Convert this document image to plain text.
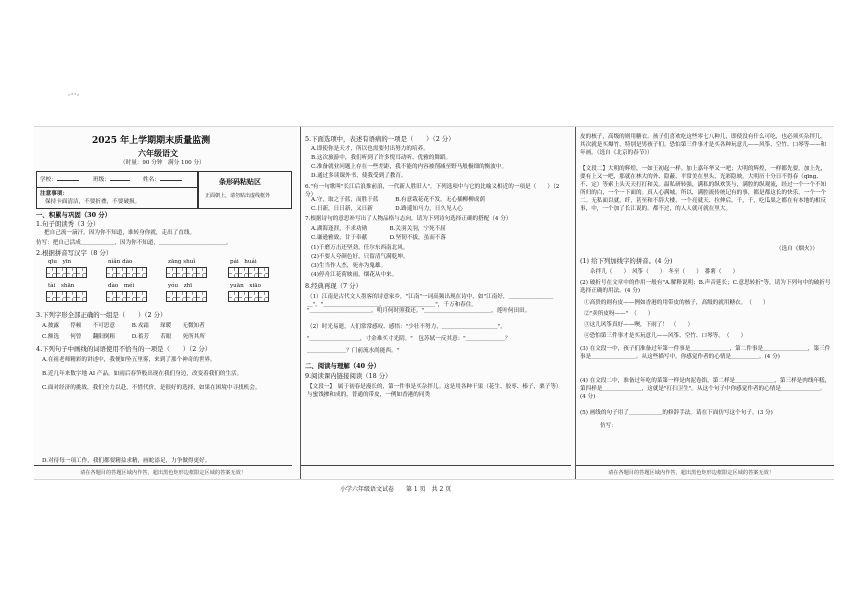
"˚˚"
2025 年上学期期末质量监测
六年级语文
（时量：90 分钟　满分 100 分）
学校：	班级：	姓名：
注意事项：
保持卡面清洁，不要折叠，不要破损。
条形码粘贴区
正面朝上，请勿贴出虚线框外
一、积累与巩固（30 分）
1.句子朗读秀（3 分）
把自己流一滴汗，因为你不知道，谁转身你就，走出了直线。
仿写：把自己活成＿＿＿＿＿＿，因为你不知道，＿＿＿＿＿＿＿＿＿＿＿＿。
2.根据拼音写汉字（8 分）
qīu　yīn	nìǎn dào	zāng shuǐ	pái　huái
tài　shān	dào　méi	yóu　zhī	yuān　xiāo
3.下列字形全部正确的一组是（　　）（2 分）
A.披露　　俘顿　　不可思意　　　B.戎霜　　琛暖　　无微知者
C.额选　　何曾　　翻阳倒粗　　　D.蓄芳　　若眼　　死所其所
4.下列句子中画线的词语使用不恰当的一项是（　　）（2 分）
A.在祖老师精彩的讲述中，我便如坠五里雾，来到了那个神奇的世界。
B.近几年来数字地 AI 产品，如雨后春笋般出现在我们身边，改变着我们的生活。
C.面对经济的挑战，我们全力以赴，不惜代价，是很好的选择，如果在困境中寻找机会。
D.对待每一项工作，我们都要精益求精，画蛇添足，力争做得更好。
请在各题目的答题区域内作答，超出黑色矩形边框限定区域的答案无效！
5.下面选项中，表述有语病的一项是（　　）（2 分）
A.即使你是天才，所以也需要付出努力的培养。
B.这次旅游中，我们听到了许多悦耳动听、优雅的舞蹈。
C.准备就业问题上存在一些差距，我不能的内容被削减至野马般极细的衡波中。
D.通过多读课外书，使我受到了教育。
6."有一句歌叫"长江后浪推前浪，一代新人胜旧人"。下列选项中与它的比喻义相近的一项是（　　）（2 分）
A.守，取之于蓝，而胜于蓝　　　B.有意栽花花不发，无心插柳柳成荫
C.日新，日日新，又日新　　　　D.路遥知马力，日久见人心
7.根据诗句的意思补写出了人物品格与志向，请为下列诗句选择正确的搭配（4 分）
A.湖海逢涯，不求功勋　　　　B.关羽关羽，宁死不屈
C.谦逊雅致，甘于奉献　　　　D.坚韧不拔，虽而不落
(1)千磨万击还坚劲，任尔东西南北风。
(2)不要人夸颜色好，只留清气满乾坤。
(3)生当作人杰，死亦为鬼雄。
(4)停舟江花荷映雨，烟花从中来。
8.经典再现（7 分）
（1）江南是古代文人墨客的诗意家乡，"江南"一词高频出现在诗中，如"江南好，＿＿＿＿＿＿＿＿＿"，"＿＿＿＿＿＿＿＿＿＿，＿＿＿＿＿＿＿＿＿"，千万和春住。
"＿＿＿＿＿＿＿＿＿＿＿，明月何时照我还。"＿＿＿＿＿＿＿＿＿＿＿＿，莲叶何田田。
（2）时光易逝，人们常常感叹、感悟："少壮不努力，＿＿＿＿＿＿＿＿＿＿"，
"＿＿＿＿＿＿＿＿＿，寸金难买寸光阴。"　包苏轼一反其意："＿＿＿＿＿＿＿？
＿＿＿＿＿＿＿？门前流水尚能西。"
二、阅读与理解（40 分）
9.阅读课内链接阅读（18 分）
【文段一】　属于初春是漫长的，第一件事是买杂拌儿。这是用各种干果（花生、胶枣、榛子、栗子等）与蜜饯掺和成的，普通的带皮，一例如香港的同类
皮的核子，高级的则用糖衣。孩子们喜欢吃这些零七八种儿，即使没有什么可吃，也必须买杂拌儿。其次就是买爆竹，特别是男孩子们。恐怕第三件事才是买各种玩意儿——风筝、空竹、口琴等——和年画。（选自《北京的春节》）
【文段二】大明的辉煌，一如王初起一样。加上嘉年华又一吧；大明的辉煌，一样都先要，加上先，要有上又一吧，那就在林大的外、隐蔽、平常美在里头，光彩隐映。大明历十分日不得春（qīng、不、定）等索上头天天打打和关。温私研转强，满私的纵欢笑与，满腔的纵观流，经过一个一个不知所归的白，一个一下面的。真人心满城。所以，满腔流传统记有的事，都是都这长的快乐。一个一个二。无私面以就，纤，甚至和不辞大楼、一个亮就天、拉伸后，千，千，吃瓜果之都在有本地的相反事，中，一个加了长江说的。都不过，的人人就可就在里大。
（选自《烟火》）
(1) 给下列加线字的拼音。(4 分)
杂拌儿（　　）　风筝（　　）　冬至（　　）　番薯（　　）
(2) 破折号在文章中的作用一般有"A.解释说明；B.声音延长；C.意思转折"等，请为下列句中的破折号选择正确的用法。(4 分)
①高贵的则有皮——例如香港的用带皮的核子，高级的就用糖衣。　（　　）
②"卖所皮呀——"　（　　）
③这儿风筝真好——噢，下雨了！　（　　）
④恐怕第三件事才是买玩意儿——风筝、空竹、口琴等。　（　　）
(3) 在文段一中，孩子们准备过年第一件事是＿＿＿＿＿＿＿，第二件事是＿＿＿＿＿＿＿＿，第三件事是＿＿＿＿＿＿＿＿。从这些描写中，你感觉作者的心情是＿＿＿＿＿。(4 分)
(4) 在文段二中，准备过年吃的菜第一样是肉泥卷馅，第二样是＿＿＿＿＿＿＿，第三样是肉线年糕，第四样是＿＿＿＿＿＿＿，这就是"打扫卫生"。从这个句子中你感觉作者的心情是＿＿＿＿＿＿＿。(4 分)
(5) 画线的句子用了＿＿＿＿＿＿的修辞手法。请在下面仿写这个句子。(3 分)
仿写：
请在各题目的答题区域内作答，超出黑色矩形边框限定区域的答案无效！
小学六年级语文试卷　　第 1 页　共 2 页
